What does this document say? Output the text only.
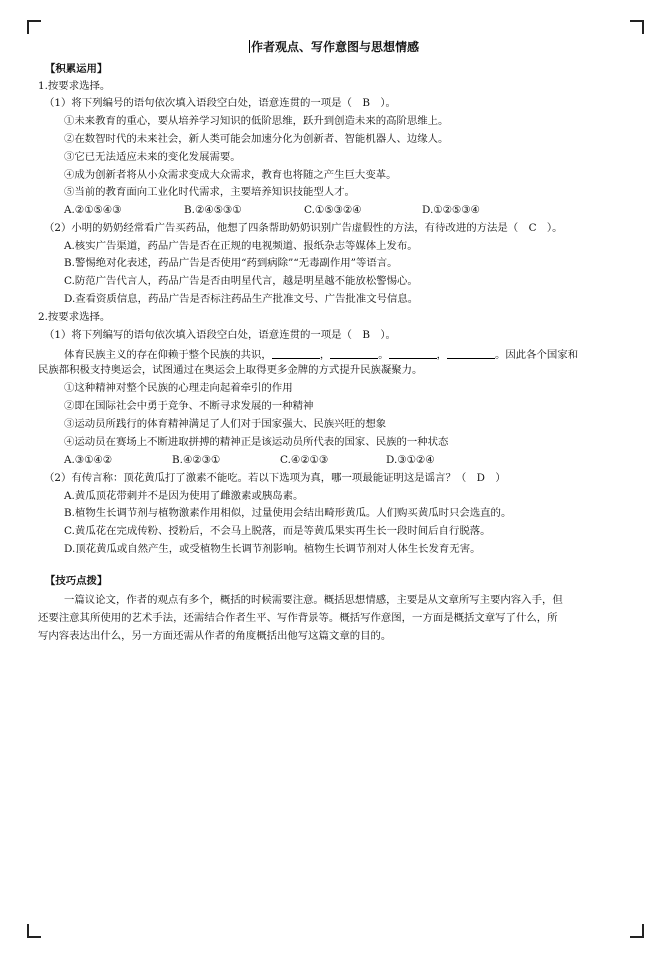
作者观点、写作意图与思想情感
【积累运用】
1.按要求选择。
（1）将下列编号的语句依次填入语段空白处，语意连贯的一项是（　B　）。
①未来教育的重心，要从培养学习知识的低阶思维，跃升到创造未来的高阶思维上。
②在数智时代的未来社会，新人类可能会加速分化为创新者、智能机器人、边缘人。
③它已无法适应未来的变化发展需要。
④成为创新者将从小众需求变成大众需求，教育也将随之产生巨大变革。
⑤当前的教育面向工业化时代需求，主要培养知识技能型人才。
A.②①⑤④③	B.②④⑤③①	C.①⑤③②④	D.①②⑤③④
（2）小明的奶奶经常看广告买药品，他想了四条帮助奶奶识别广告虚假性的方法，有待改进的方法是（　C　）。
A.核实广告渠道，药品广告是否在正规的电视频道、报纸杂志等媒体上发布。
B.警惕绝对化表述，药品广告是否使用“药到病除”“无毒副作用”等语言。
C.防范广告代言人，药品广告是否由明星代言，越是明星越不能放松警惕心。
D.查看资质信息，药品广告是否标注药品生产批准文号、广告批准文号信息。
2.按要求选择。
（1）将下列编写的语句依次填入语段空白处，语意连贯的一项是（　B　）。
体育民族主义的存在仰赖于整个民族的共识，	，	。	，	。因此各个国家和
民族都积极支持奥运会，试图通过在奥运会上取得更多金牌的方式提升民族凝聚力。
①这种精神对整个民族的心理走向起着牵引的作用
②即在国际社会中勇于竞争、不断寻求发展的一种精神
③运动员所践行的体育精神满足了人们对于国家强大、民族兴旺的想象
④运动员在赛场上不断进取拼搏的精神正是该运动员所代表的国家、民族的一种状态
A.③①④②	B.④②③①	C.④②①③	D.③①②④
（2）有传言称：顶花黄瓜打了激素不能吃。若以下选项为真，哪一项最能证明这是谣言？（　D　）
A.黄瓜顶花带刺并不是因为使用了雌激素或胰岛素。
B.植物生长调节剂与植物激素作用相似，过量使用会结出畸形黄瓜。人们购买黄瓜时只会选直的。
C.黄瓜花在完成传粉、授粉后，不会马上脱落，而是等黄瓜果实再生长一段时间后自行脱落。
D.顶花黄瓜或自然产生，或受植物生长调节剂影响。植物生长调节剂对人体生长发育无害。
【技巧点拨】
一篇议论文，作者的观点有多个，概括的时候需要注意。概括思想情感，主要是从文章所写主要内容入手，但
还要注意其所使用的艺术手法，还需结合作者生平、写作背景等。概括写作意图，一方面是概括文章写了什么，所
写内容表达出什么，另一方面还需从作者的角度概括出他写这篇文章的目的。
